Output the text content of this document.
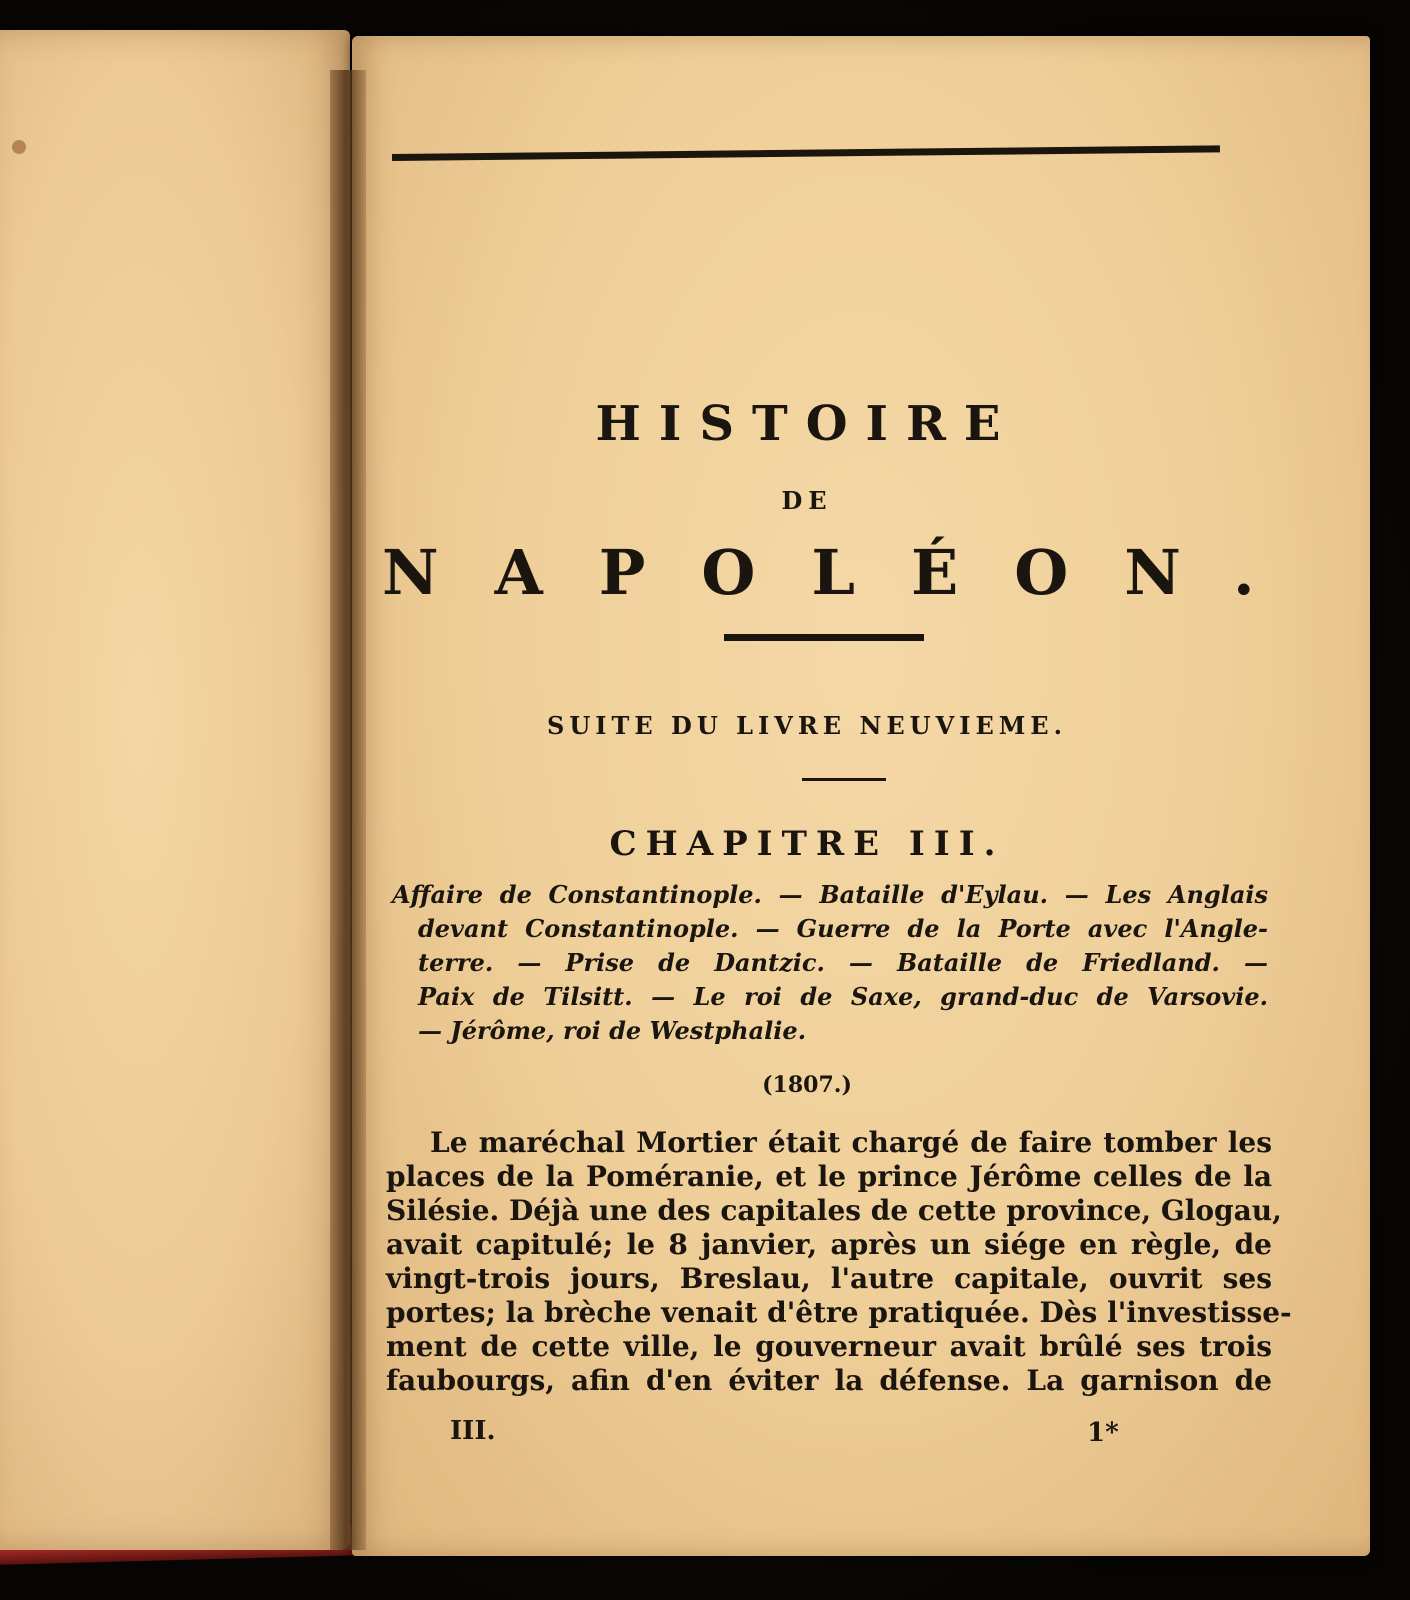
HISTOIRE
DE
NAPOLÉON.
SUITE DU LIVRE NEUVIEME.
CHAPITRE III.

Affaire de Constantinople. — Bataille d'Eylau. — Les Anglais

devant Constantinople. — Guerre de la Porte avec l'Angle-

terre. — Prise de Dantzic. — Bataille de Friedland. —

Paix de Tilsitt. — Le roi de Saxe, grand-duc de Varsovie.

— Jérôme, roi de Westphalie.

(1807.)
Le maréchal Mortier était chargé de faire tomber les
places de la Poméranie, et le prince Jérôme celles de la
Silésie. Déjà une des capitales de cette province, Glogau,
avait capitulé; le 8 janvier, après un siége en règle, de
vingt-trois jours, Breslau, l'autre capitale, ouvrit ses
portes; la brèche venait d'être pratiquée. Dès l'investisse-
ment de cette ville, le gouverneur avait brûlé ses trois
faubourgs, afin d'en éviter la défense. La garnison de
III.	1*
